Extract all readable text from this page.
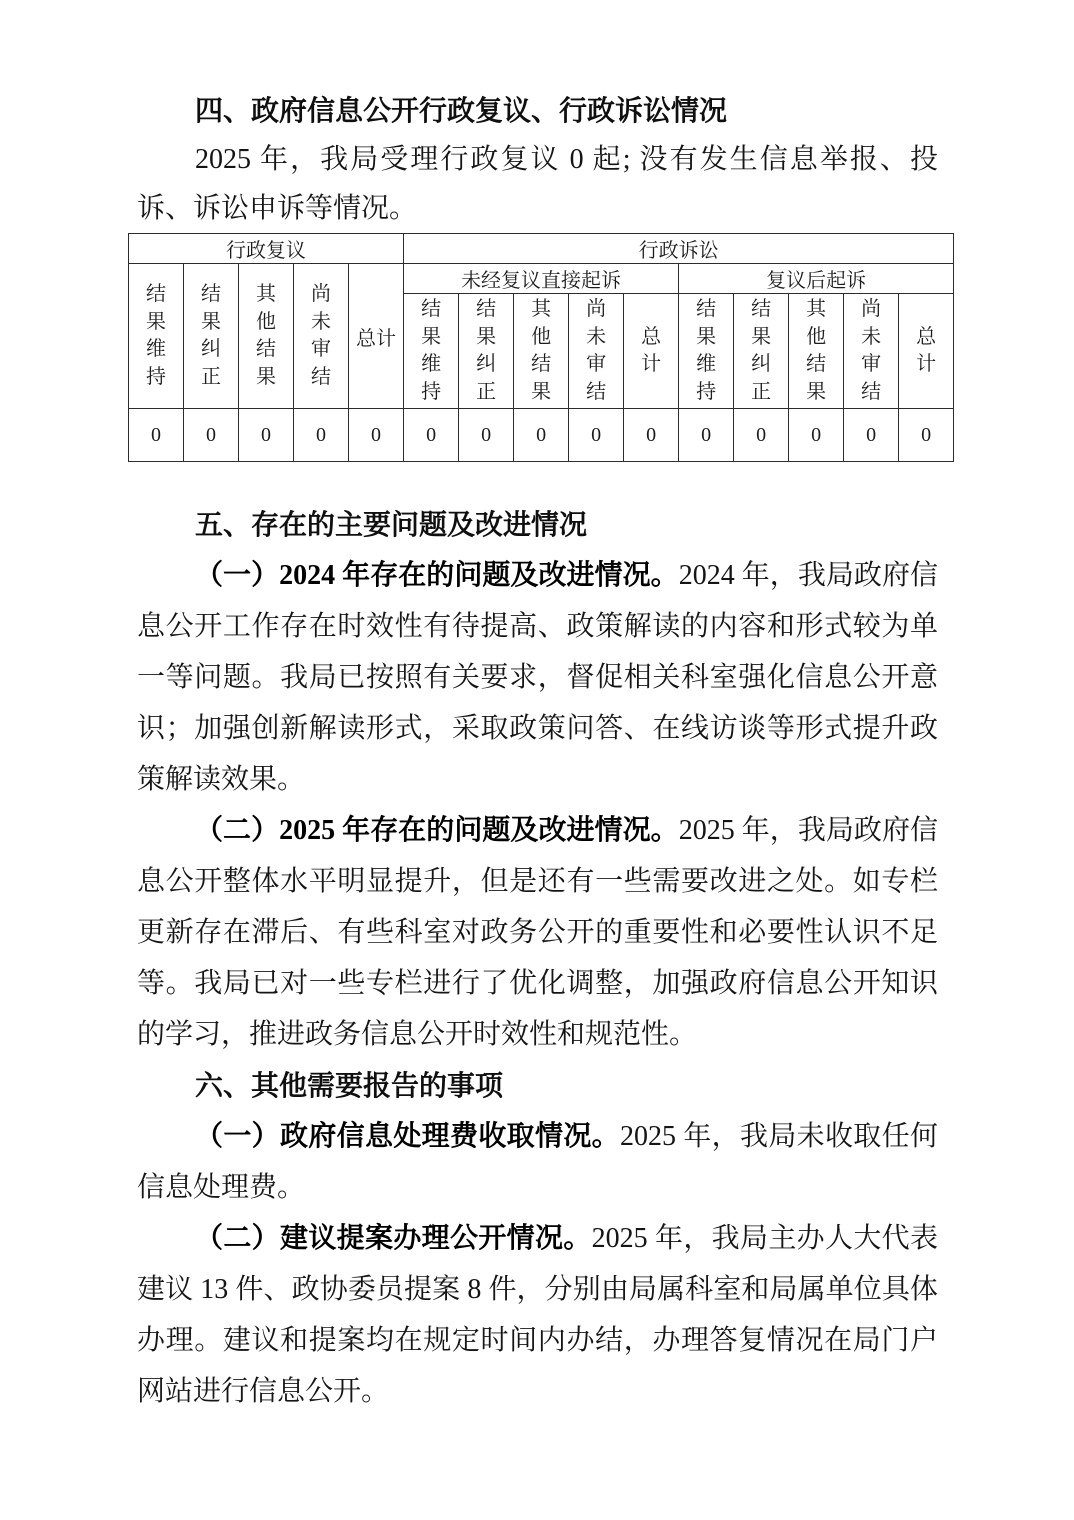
四、政府信息公开行政复议、行政诉讼情况

2025 年，我局受理行政复议 0 起; 没有发生信息举报、投诉、诉讼申诉等情况。

行政复议					行政诉讼									
结果维持	结果纠正	其他结果	尚未审结	总计	未经复议直接起诉					复议后起诉				
					结果维持	结果纠正	其他结果	尚未审结	总计	结果维持	结果纠正	其他结果	尚未审结	总计
0	0	0	0	0	0	0	0	0	0	0	0	0	0	0
五、存在的主要问题及改进情况

（一）2024 年存在的问题及改进情况。2024 年，我局政府信息公开工作存在时效性有待提高、政策解读的内容和形式较为单一等问题。我局已按照有关要求，督促相关科室强化信息公开意识；加强创新解读形式，采取政策问答、在线访谈等形式提升政策解读效果。

（二）2025 年存在的问题及改进情况。2025 年，我局政府信息公开整体水平明显提升，但是还有一些需要改进之处。如专栏更新存在滞后、有些科室对政务公开的重要性和必要性认识不足等。我局已对一些专栏进行了优化调整，加强政府信息公开知识的学习，推进政务信息公开时效性和规范性。

六、其他需要报告的事项

（一）政府信息处理费收取情况。2025 年，我局未收取任何信息处理费。

（二）建议提案办理公开情况。2025 年，我局主办人大代表建议 13 件、政协委员提案 8 件，分别由局属科室和局属单位具体办理。建议和提案均在规定时间内办结，办理答复情况在局门户网站进行信息公开。
